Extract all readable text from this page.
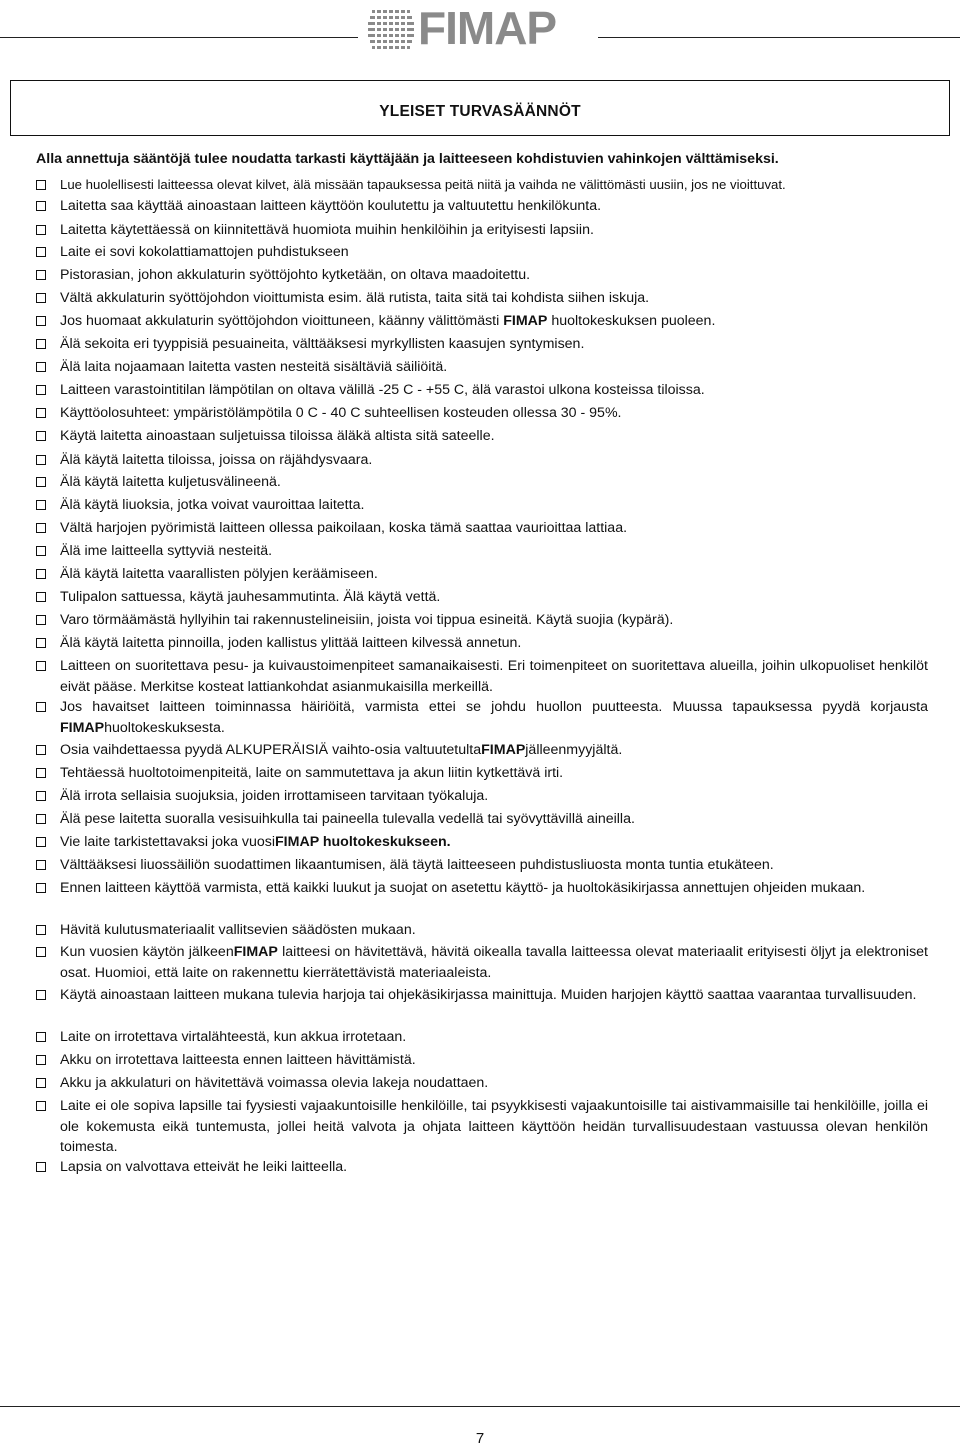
FIMAP
YLEISET TURVASÄÄNNÖT
Alla annettuja sääntöjä tulee noudatta tarkasti käyttäjään ja laitteeseen kohdistuvien vahinkojen välttämiseksi.
Lue huolellisesti laitteessa olevat kilvet, älä missään tapauksessa peitä niitä ja vaihda ne välittömästi uusiin, jos ne vioittuvat.
Laitetta saa käyttää ainoastaan laitteen käyttöön koulutettu ja valtuutettu henkilökunta.
Laitetta käytettäessä on kiinnitettävä huomiota muihin henkilöihin ja erityisesti lapsiin.
Laite ei sovi kokolattiamattojen puhdistukseen
Pistorasian, johon akkulaturin syöttöjohto kytketään, on oltava maadoitettu.
Vältä akkulaturin syöttöjohdon vioittumista esim. älä rutista, taita sitä tai kohdista siihen iskuja.
Jos huomaat akkulaturin syöttöjohdon vioittuneen, käänny välittömästi FIMAP huoltokeskuksen puoleen.
Älä sekoita eri tyyppisiä pesuaineita, välttääksesi myrkyllisten kaasujen syntymisen.
Älä laita nojaamaan laitetta vasten nesteitä sisältäviä säiliöitä.
Laitteen varastointitilan lämpötilan on oltava välillä -25 C - +55 C, älä varastoi ulkona kosteissa tiloissa.
Käyttöolosuhteet: ympäristölämpötila 0 C - 40 C suhteellisen kosteuden ollessa 30 - 95%.
Käytä laitetta ainoastaan suljetuissa tiloissa äläkä altista sitä sateelle.
Älä käytä laitetta tiloissa, joissa on räjähdysvaara.
Älä käytä laitetta kuljetusvälineenä.
Älä käytä liuoksia, jotka voivat vauroittaa laitetta.
Vältä harjojen pyörimistä laitteen ollessa paikoilaan, koska tämä saattaa vaurioittaa lattiaa.
Älä ime laitteella syttyviä nesteitä.
Älä käytä laitetta vaarallisten pölyjen keräämiseen.
Tulipalon sattuessa, käytä jauhesammutinta. Älä käytä vettä.
Varo törmäämästä hyllyihin tai rakennustelineisiin, joista voi tippua esineitä. Käytä suojia (kypärä).
Älä käytä laitetta pinnoilla, joden kallistus ylittää laitteen kilvessä annetun.
Laitteen on suoritettava pesu- ja kuivaustoimenpiteet samanaikaisesti. Eri toimenpiteet on suoritettava alueilla, joihin ulkopuoliset henkilöt eivät pääse. Merkitse kosteat lattiankohdat asianmukaisilla merkeillä.
Jos havaitset laitteen toiminnassa häiriöitä, varmista ettei se johdu huollon puutteesta. Muussa tapauksessa pyydä korjausta FIMAPhuoltokeskuksesta.
Osia vaihdettaessa pyydä ALKUPERÄISIÄ vaihto-osia valtuutetultaFIMAPjälleenmyyjältä.
Tehtäessä huoltotoimenpiteitä, laite on sammutettava ja akun liitin kytkettävä irti.
Älä irrota sellaisia suojuksia, joiden irrottamiseen tarvitaan työkaluja.
Älä pese laitetta suoralla vesisuihkulla tai paineella tulevalla vedellä tai syövyttävillä aineilla.
Vie laite tarkistettavaksi joka vuosiFIMAP huoltokeskukseen.
Välttääksesi liuossäiliön suodattimen likaantumisen, älä täytä laitteeseen puhdistusliuosta monta tuntia etukäteen.
Ennen laitteen käyttöä varmista, että kaikki luukut ja suojat on asetettu käyttö- ja huoltokäsikirjassa annettujen ohjeiden mukaan.
Hävitä kulutusmateriaalit vallitsevien säädösten mukaan.
Kun vuosien käytön jälkeenFIMAP laitteesi on hävitettävä, hävitä oikealla tavalla laitteessa olevat materiaalit erityisesti öljyt ja elektroniset osat. Huomioi, että laite on rakennettu kierrätettävistä materiaaleista.
Käytä ainoastaan laitteen mukana tulevia harjoja tai ohjekäsikirjassa mainittuja. Muiden harjojen käyttö saattaa vaarantaa turvallisuuden.
Laite on irrotettava virtalähteestä, kun akkua irrotetaan.
Akku on irrotettava laitteesta ennen laitteen hävittämistä.
Akku ja akkulaturi on hävitettävä voimassa olevia lakeja noudattaen.
Laite ei ole sopiva lapsille tai fyysiesti vajaakuntoisille henkilöille, tai psyykkisesti vajaakuntoisille tai aistivammaisille tai henkilöille, joilla ei ole kokemusta eikä tuntemusta, jollei heitä valvota ja ohjata laitteen käyttöön heidän turvallisuudestaan vastuussa olevan henkilön toimesta.
Lapsia on valvottava etteivät he leiki laitteella.
7
